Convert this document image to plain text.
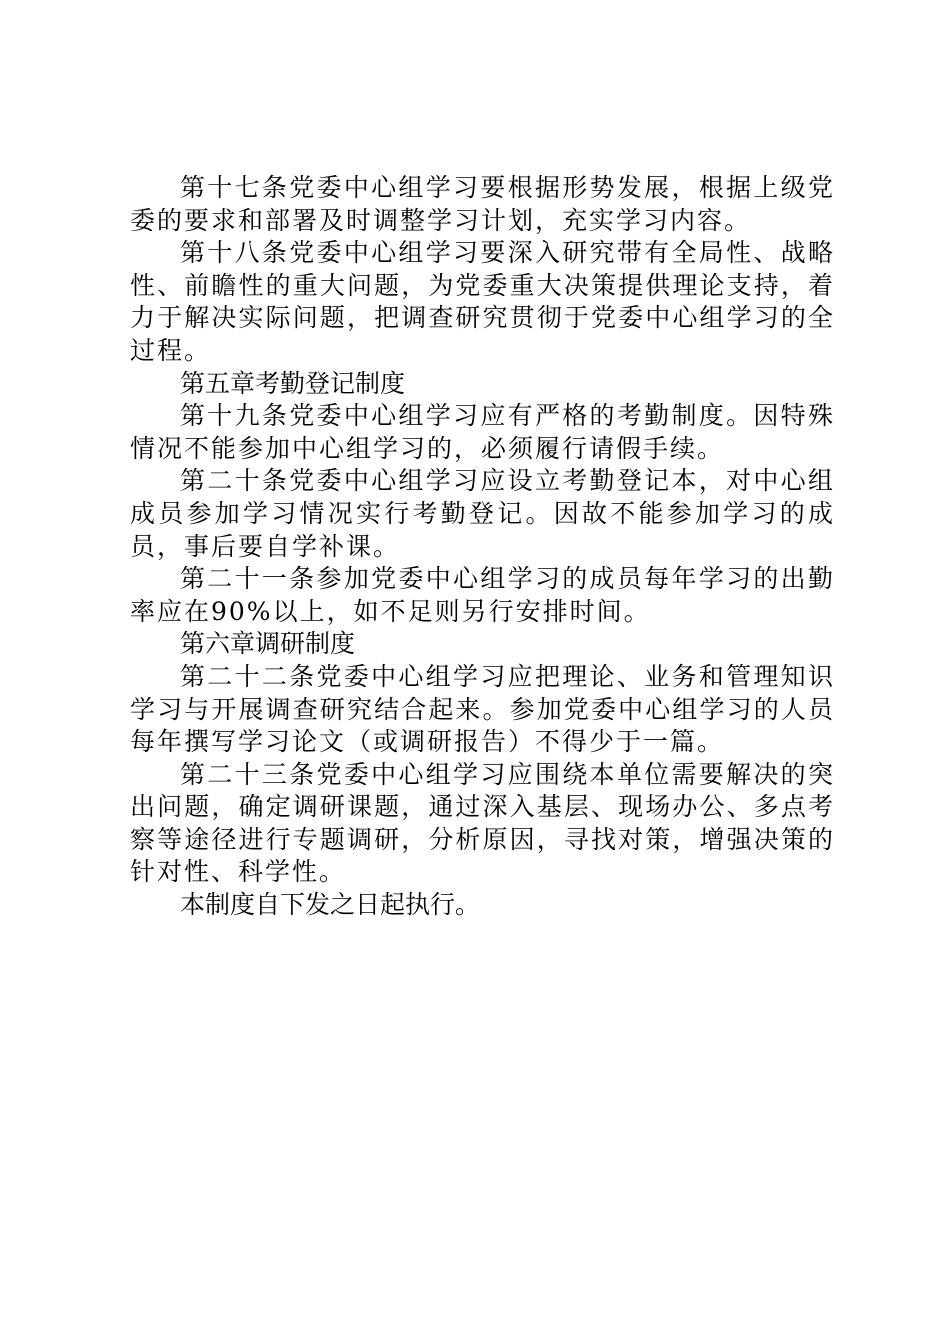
第十七条党委中心组学习要根据形势发展，根据上级党委的要求和部署及时调整学习计划，充实学习内容。

第十八条党委中心组学习要深入研究带有全局性、战略性、前瞻性的重大问题，为党委重大决策提供理论支持，着力于解决实际问题，把调查研究贯彻于党委中心组学习的全过程。

第五章考勤登记制度

第十九条党委中心组学习应有严格的考勤制度。因特殊情况不能参加中心组学习的，必须履行请假手续。

第二十条党委中心组学习应设立考勤登记本，对中心组成员参加学习情况实行考勤登记。因故不能参加学习的成员，事后要自学补课。

第二十一条参加党委中心组学习的成员每年学习的出勤率应在90%以上，如不足则另行安排时间。

第六章调研制度

第二十二条党委中心组学习应把理论、业务和管理知识学习与开展调查研究结合起来。参加党委中心组学习的人员每年撰写学习论文（或调研报告）不得少于一篇。

第二十三条党委中心组学习应围绕本单位需要解决的突出问题，确定调研课题，通过深入基层、现场办公、多点考察等途径进行专题调研，分析原因，寻找对策，增强决策的针对性、科学性。

本制度自下发之日起执行。
